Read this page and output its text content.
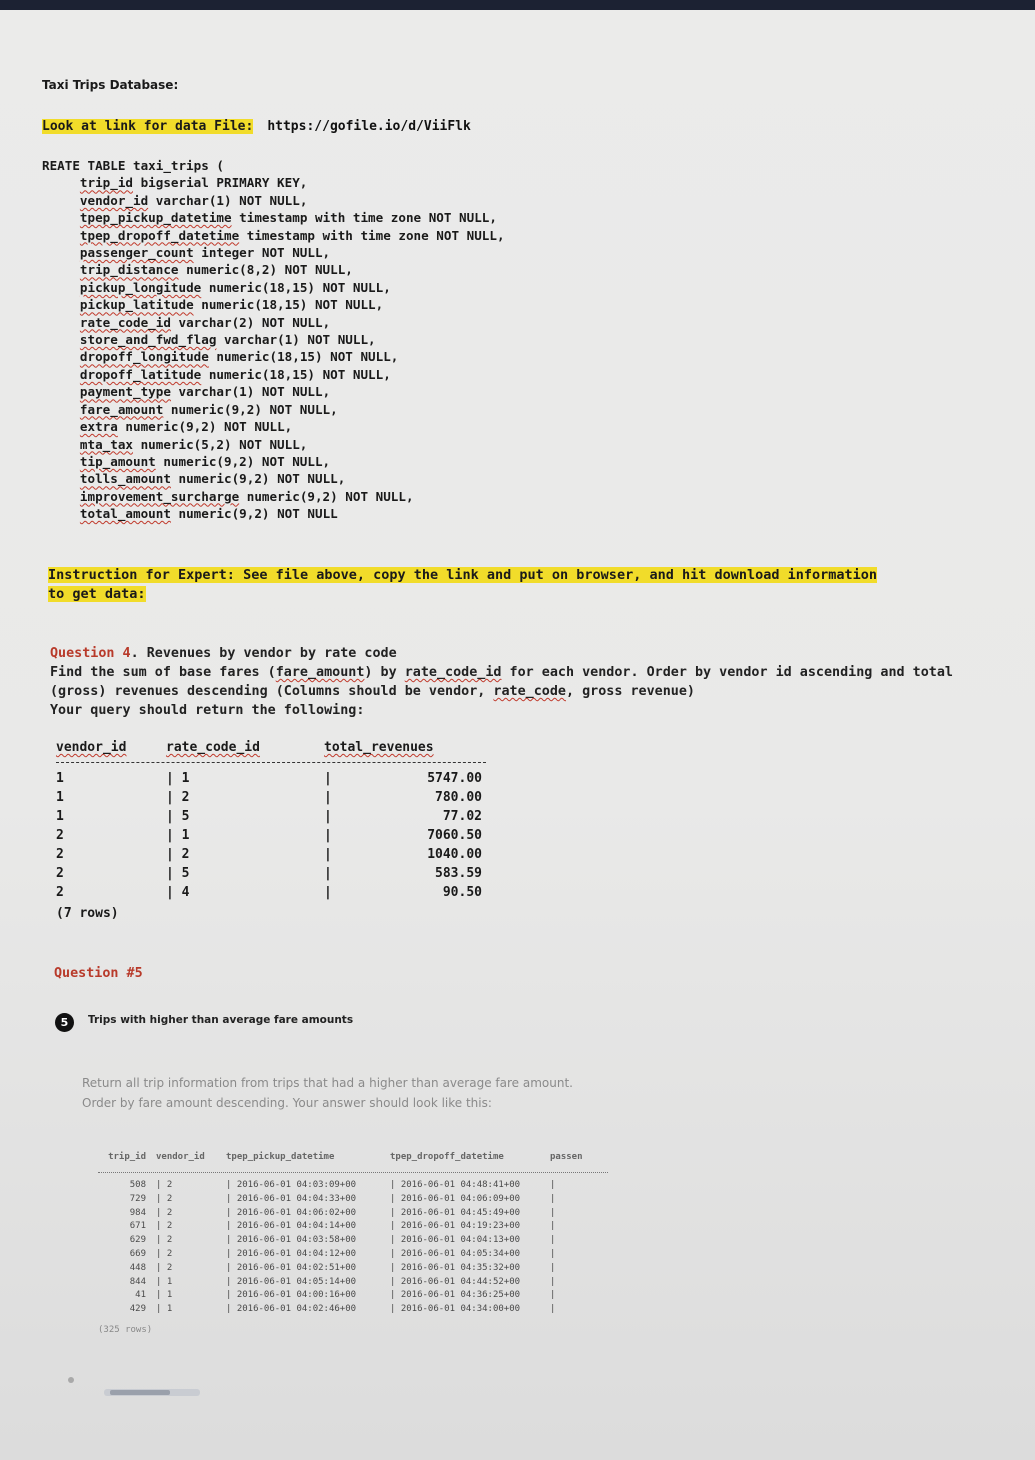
Taxi Trips Database:
Look at link for data File: https://gofile.io/d/ViiFlk
REATE TABLE taxi_trips (
trip_id bigserial PRIMARY KEY,
vendor_id varchar(1) NOT NULL,
tpep_pickup_datetime timestamp with time zone NOT NULL,
tpep_dropoff_datetime timestamp with time zone NOT NULL,
passenger_count integer NOT NULL,
trip_distance numeric(8,2) NOT NULL,
pickup_longitude numeric(18,15) NOT NULL,
pickup_latitude numeric(18,15) NOT NULL,
rate_code_id varchar(2) NOT NULL,
store_and_fwd_flag varchar(1) NOT NULL,
dropoff_longitude numeric(18,15) NOT NULL,
dropoff_latitude numeric(18,15) NOT NULL,
payment_type varchar(1) NOT NULL,
fare_amount numeric(9,2) NOT NULL,
extra numeric(9,2) NOT NULL,
mta_tax numeric(5,2) NOT NULL,
tip_amount numeric(9,2) NOT NULL,
tolls_amount numeric(9,2) NOT NULL,
improvement_surcharge numeric(9,2) NOT NULL,
total_amount numeric(9,2) NOT NULL
Instruction for Expert: See file above, copy the link and put on browser, and hit download information to get data:
Question 4. Revenues by vendor by rate code
Find the sum of base fares (fare_amount) by rate_code_id for each vendor. Order by vendor id ascending and total (gross) revenues descending (Columns should be vendor, rate_code, gross revenue)
Your query should return the following:
vendor_id	rate_code_id	total_revenues
1	| 1	|	5747.00
1	| 2	|	780.00
1	| 5	|	77.02
2	| 1	|	7060.50
2	| 2	|	1040.00
2	| 5	|	583.59
2	| 4	|	90.50
(7 rows)
Question #5
5	Trips with higher than average fare amounts
Return all trip information from trips that had a higher than average fare amount.
Order by fare amount descending. Your answer should look like this:
trip_id	vendor_id	tpep_pickup_datetime	tpep_dropoff_datetime	passen
508	| 2	| 2016-06-01 04:03:09+00	| 2016-06-01 04:48:41+00	|
729	| 2	| 2016-06-01 04:04:33+00	| 2016-06-01 04:06:09+00	|
984	| 2	| 2016-06-01 04:06:02+00	| 2016-06-01 04:45:49+00	|
671	| 2	| 2016-06-01 04:04:14+00	| 2016-06-01 04:19:23+00	|
629	| 2	| 2016-06-01 04:03:58+00	| 2016-06-01 04:04:13+00	|
669	| 2	| 2016-06-01 04:04:12+00	| 2016-06-01 04:05:34+00	|
448	| 2	| 2016-06-01 04:02:51+00	| 2016-06-01 04:35:32+00	|
844	| 1	| 2016-06-01 04:05:14+00	| 2016-06-01 04:44:52+00	|
41	| 1	| 2016-06-01 04:00:16+00	| 2016-06-01 04:36:25+00	|
429	| 1	| 2016-06-01 04:02:46+00	| 2016-06-01 04:34:00+00	|
(325 rows)
